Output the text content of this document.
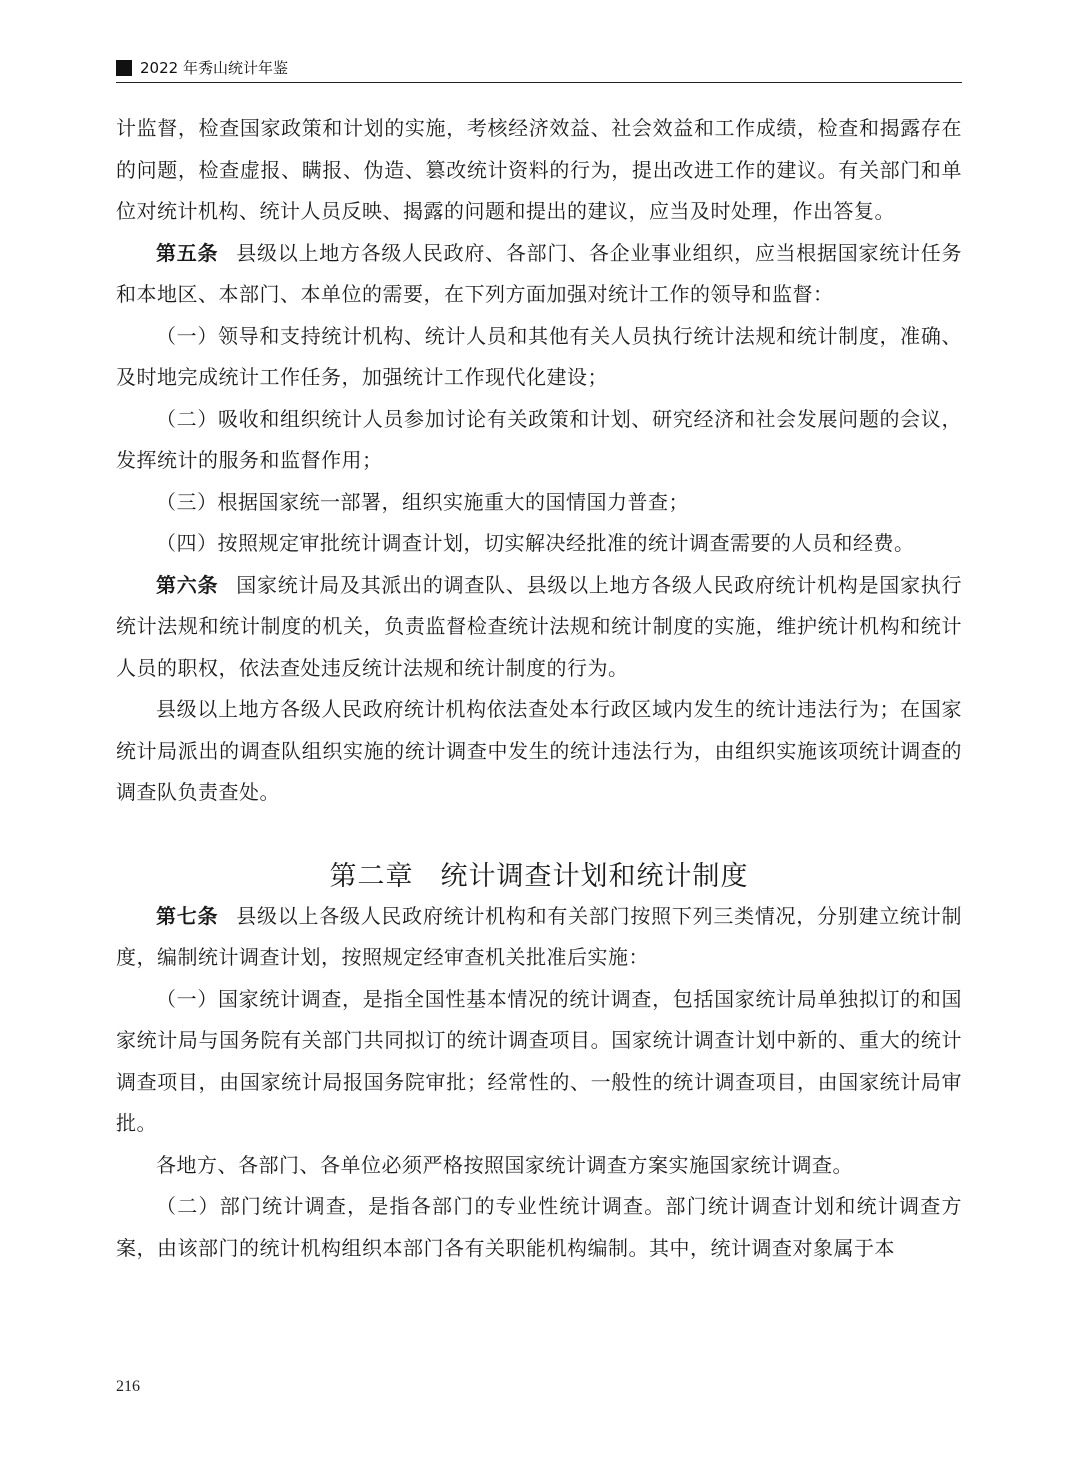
2022 年秀山统计年鉴

计监督，检查国家政策和计划的实施，考核经济效益、社会效益和工作成绩，检查和揭露存在的问题，检查虚报、瞒报、伪造、篡改统计资料的行为，提出改进工作的建议。有关部门和单位对统计机构、统计人员反映、揭露的问题和提出的建议，应当及时处理，作出答复。

第五条 县级以上地方各级人民政府、各部门、各企业事业组织，应当根据国家统计任务和本地区、本部门、本单位的需要，在下列方面加强对统计工作的领导和监督：

（一）领导和支持统计机构、统计人员和其他有关人员执行统计法规和统计制度，准确、及时地完成统计工作任务，加强统计工作现代化建设；

（二）吸收和组织统计人员参加讨论有关政策和计划、研究经济和社会发展问题的会议，发挥统计的服务和监督作用；

（三）根据国家统一部署，组织实施重大的国情国力普查；

（四）按照规定审批统计调查计划，切实解决经批准的统计调查需要的人员和经费。

第六条 国家统计局及其派出的调查队、县级以上地方各级人民政府统计机构是国家执行统计法规和统计制度的机关，负责监督检查统计法规和统计制度的实施，维护统计机构和统计人员的职权，依法查处违反统计法规和统计制度的行为。

县级以上地方各级人民政府统计机构依法查处本行政区域内发生的统计违法行为；在国家统计局派出的调查队组织实施的统计调查中发生的统计违法行为，由组织实施该项统计调查的调查队负责查处。

第二章 统计调查计划和统计制度

第七条 县级以上各级人民政府统计机构和有关部门按照下列三类情况，分别建立统计制度，编制统计调查计划，按照规定经审查机关批准后实施：

（一）国家统计调查，是指全国性基本情况的统计调查，包括国家统计局单独拟订的和国家统计局与国务院有关部门共同拟订的统计调查项目。国家统计调查计划中新的、重大的统计调查项目，由国家统计局报国务院审批；经常性的、一般性的统计调查项目，由国家统计局审批。

各地方、各部门、各单位必须严格按照国家统计调查方案实施国家统计调查。

（二）部门统计调查，是指各部门的专业性统计调查。部门统计调查计划和统计调查方案，由该部门的统计机构组织本部门各有关职能机构编制。其中，统计调查对象属于本

216
